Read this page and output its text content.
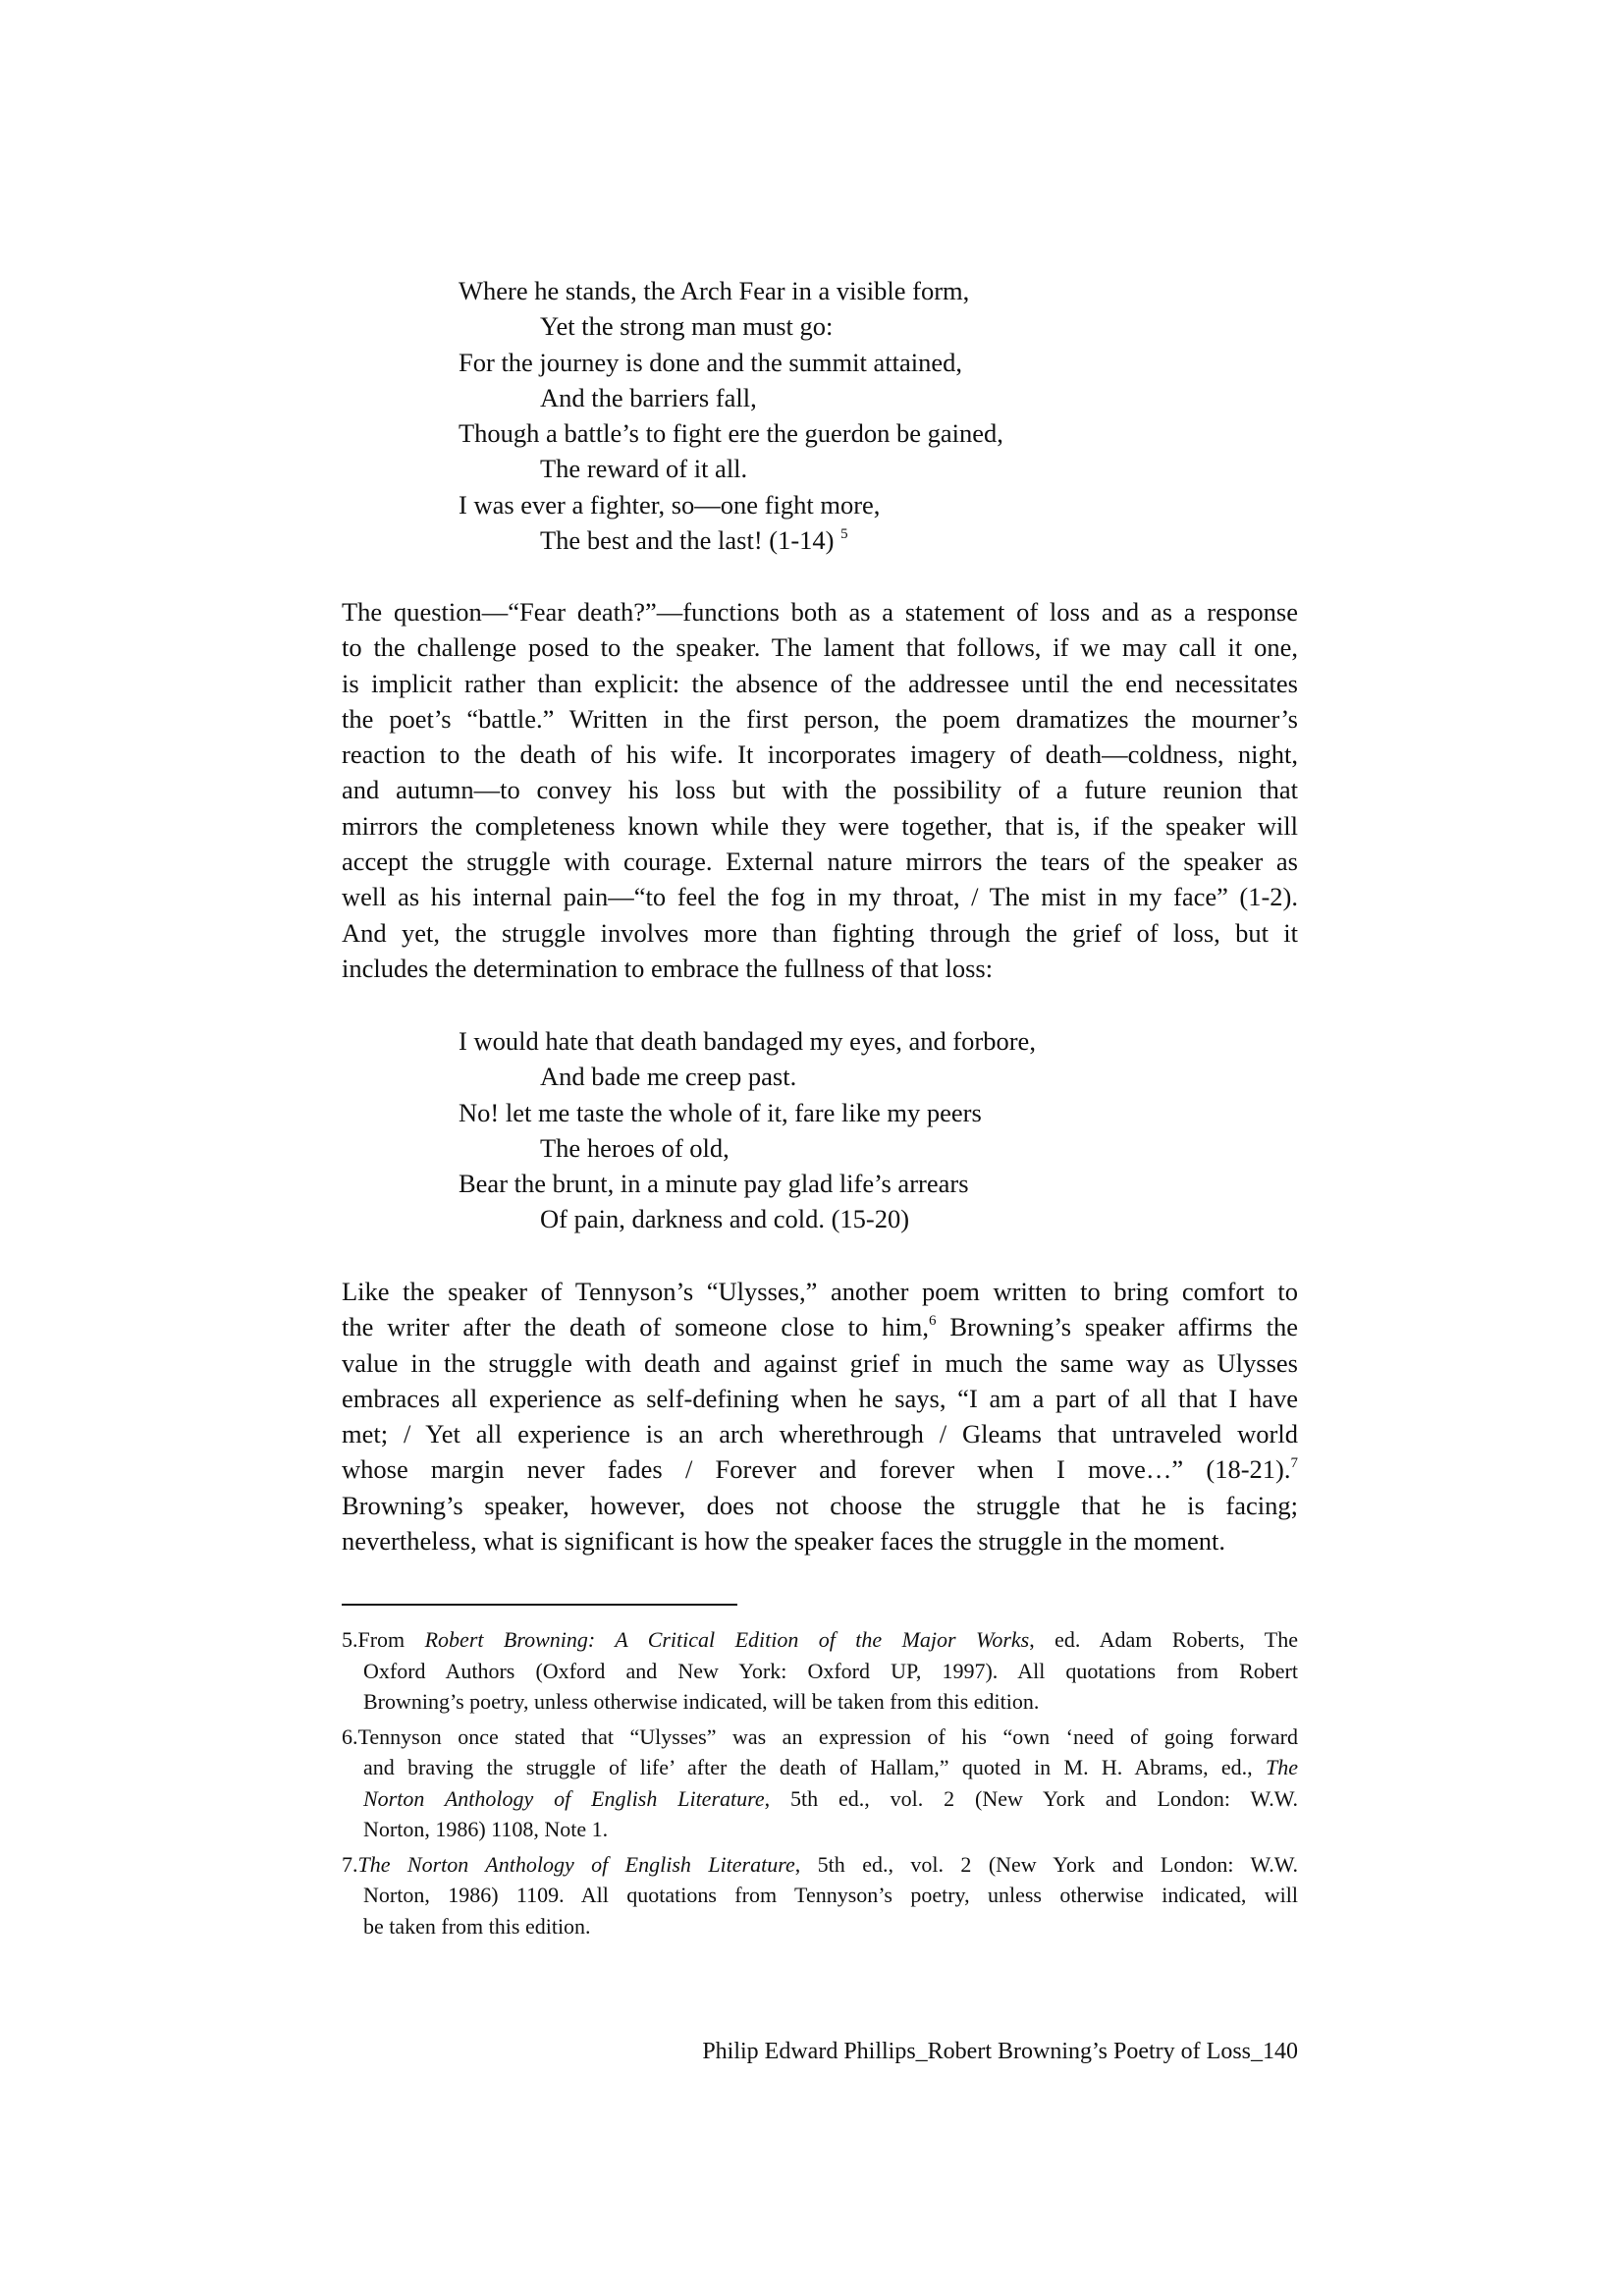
Where he stands, the Arch Fear in a visible form,
Yet the strong man must go:
For the journey is done and the summit attained,
And the barriers fall,
Though a battle’s to fight ere the guerdon be gained,
The reward of it all.
I was ever a fighter, so—one fight more,
The best and the last! (1-14) $^5$
The question—“Fear death?”—functions both as a statement of loss and as a response
to the challenge posed to the speaker. The lament that follows, if we may call it one,
is implicit rather than explicit: the absence of the addressee until the end necessitates
the poet’s “battle.” Written in the first person, the poem dramatizes the mourner’s
reaction to the death of his wife. It incorporates imagery of death—coldness, night,
and autumn—to convey his loss but with the possibility of a future reunion that
mirrors the completeness known while they were together, that is, if the speaker will
accept the struggle with courage. External nature mirrors the tears of the speaker as
well as his internal pain—“to feel the fog in my throat, / The mist in my face” (1-2).
And yet, the struggle involves more than fighting through the grief of loss, but it
includes the determination to embrace the fullness of that loss:
I would hate that death bandaged my eyes, and forbore,
And bade me creep past.
No! let me taste the whole of it, fare like my peers
The heroes of old,
Bear the brunt, in a minute pay glad life’s arrears
Of pain, darkness and cold. (15-20)
Like the speaker of Tennyson’s “Ulysses,” another poem written to bring comfort to
the writer after the death of someone close to him,$^6$ Browning’s speaker affirms the
value in the struggle with death and against grief in much the same way as Ulysses
embraces all experience as self-defining when he says, “I am a part of all that I have
met; / Yet all experience is an arch wherethrough / Gleams that untraveled world
whose margin never fades / Forever and forever when I move…” (18-21).$^7$
Browning’s speaker, however, does not choose the struggle that he is facing;
nevertheless, what is significant is how the speaker faces the struggle in the moment.
5.From Robert Browning: A Critical Edition of the Major Works, ed. Adam Roberts, The
Oxford Authors (Oxford and New York: Oxford UP, 1997). All quotations from Robert
Browning’s poetry, unless otherwise indicated, will be taken from this edition.
6.Tennyson once stated that “Ulysses” was an expression of his “own ‘need of going forward
and braving the struggle of life’ after the death of Hallam,” quoted in M. H. Abrams, ed., The
Norton Anthology of English Literature, 5th ed., vol. 2 (New York and London: W.W.
Norton, 1986) 1108, Note 1.
7.The Norton Anthology of English Literature, 5th ed., vol. 2 (New York and London: W.W.
Norton, 1986) 1109. All quotations from Tennyson’s poetry, unless otherwise indicated, will
be taken from this edition.
Philip Edward Phillips_Robert Browning’s Poetry of Loss_140
